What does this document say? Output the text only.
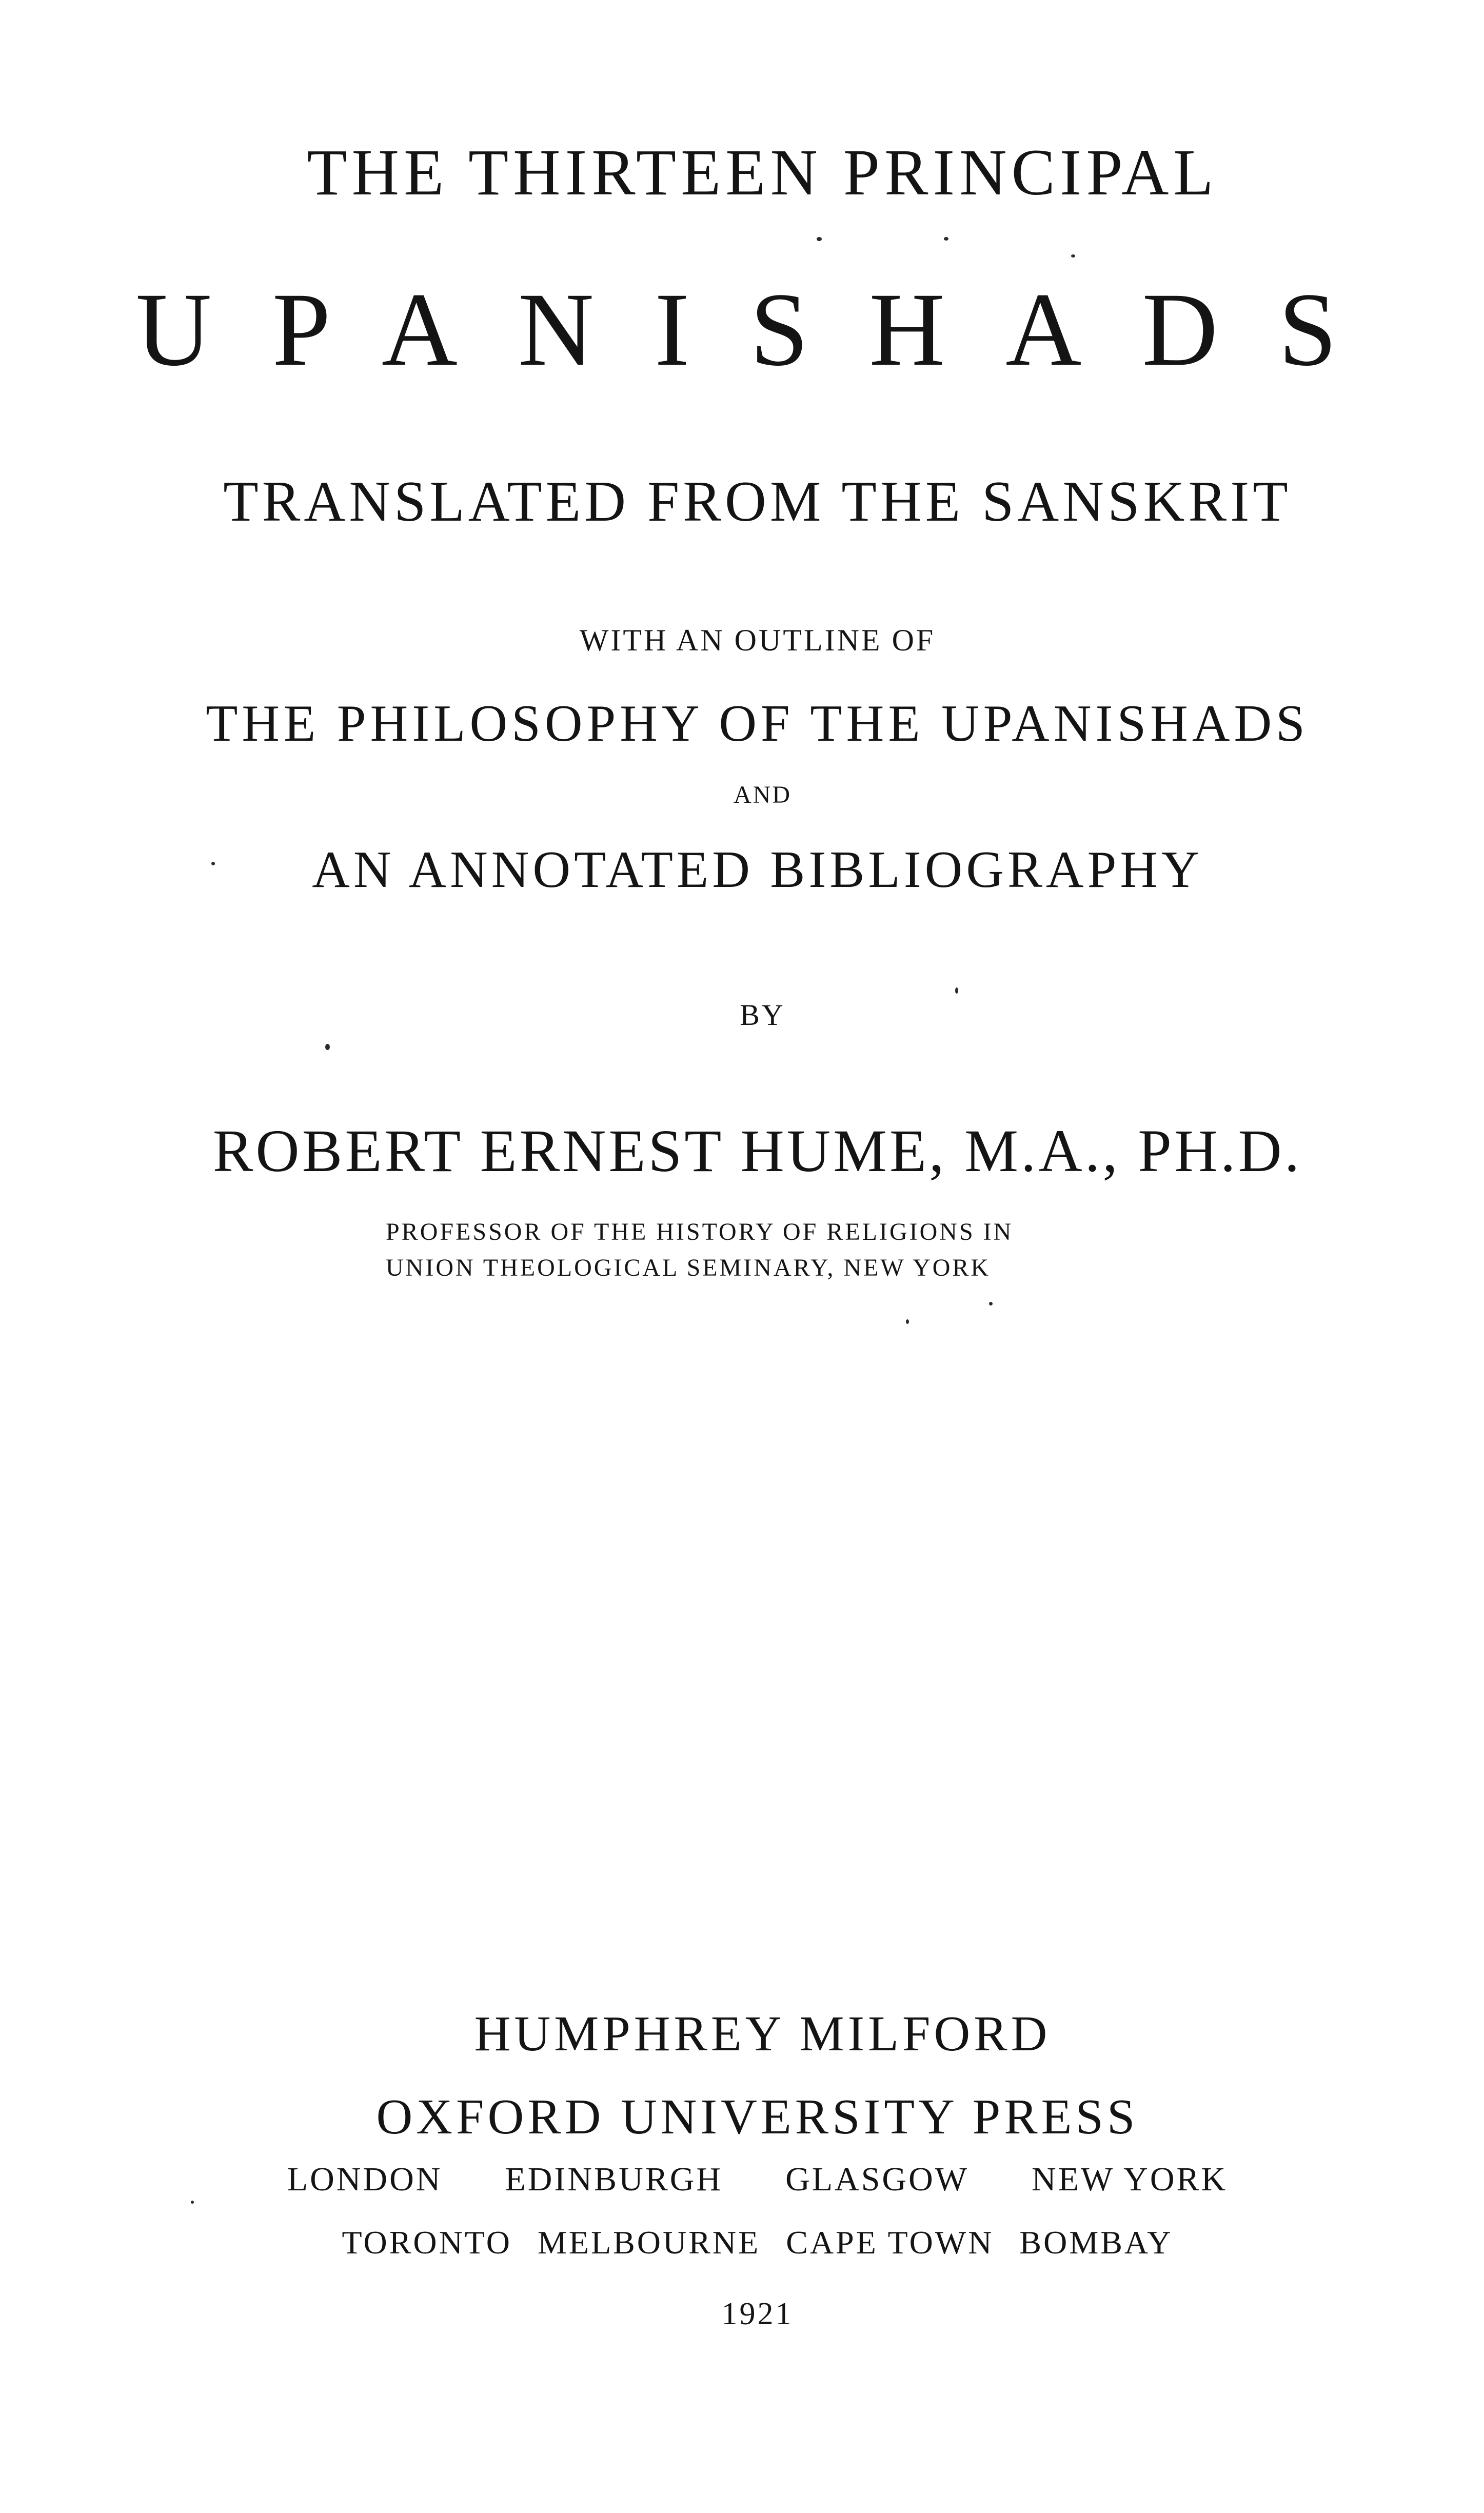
THE THIRTEEN PRINCIPAL
UPANISHADS
TRANSLATED FROM THE SANSKRIT
WITH AN OUTLINE OF
THE PHILOSOPHY OF THE UPANISHADS
AND
AN ANNOTATED BIBLIOGRAPHY
BY
ROBERT ERNEST HUME, M.A., PH.D.
PROFESSOR OF THE HISTORY OF RELIGIONS IN
UNION THEOLOGICAL SEMINARY, NEW YORK
HUMPHREY MILFORD
OXFORD UNIVERSITY PRESS
LONDON EDINBURGH GLASGOW NEW YORK
TORONTO MELBOURNE CAPE TOWN BOMBAY
1921
